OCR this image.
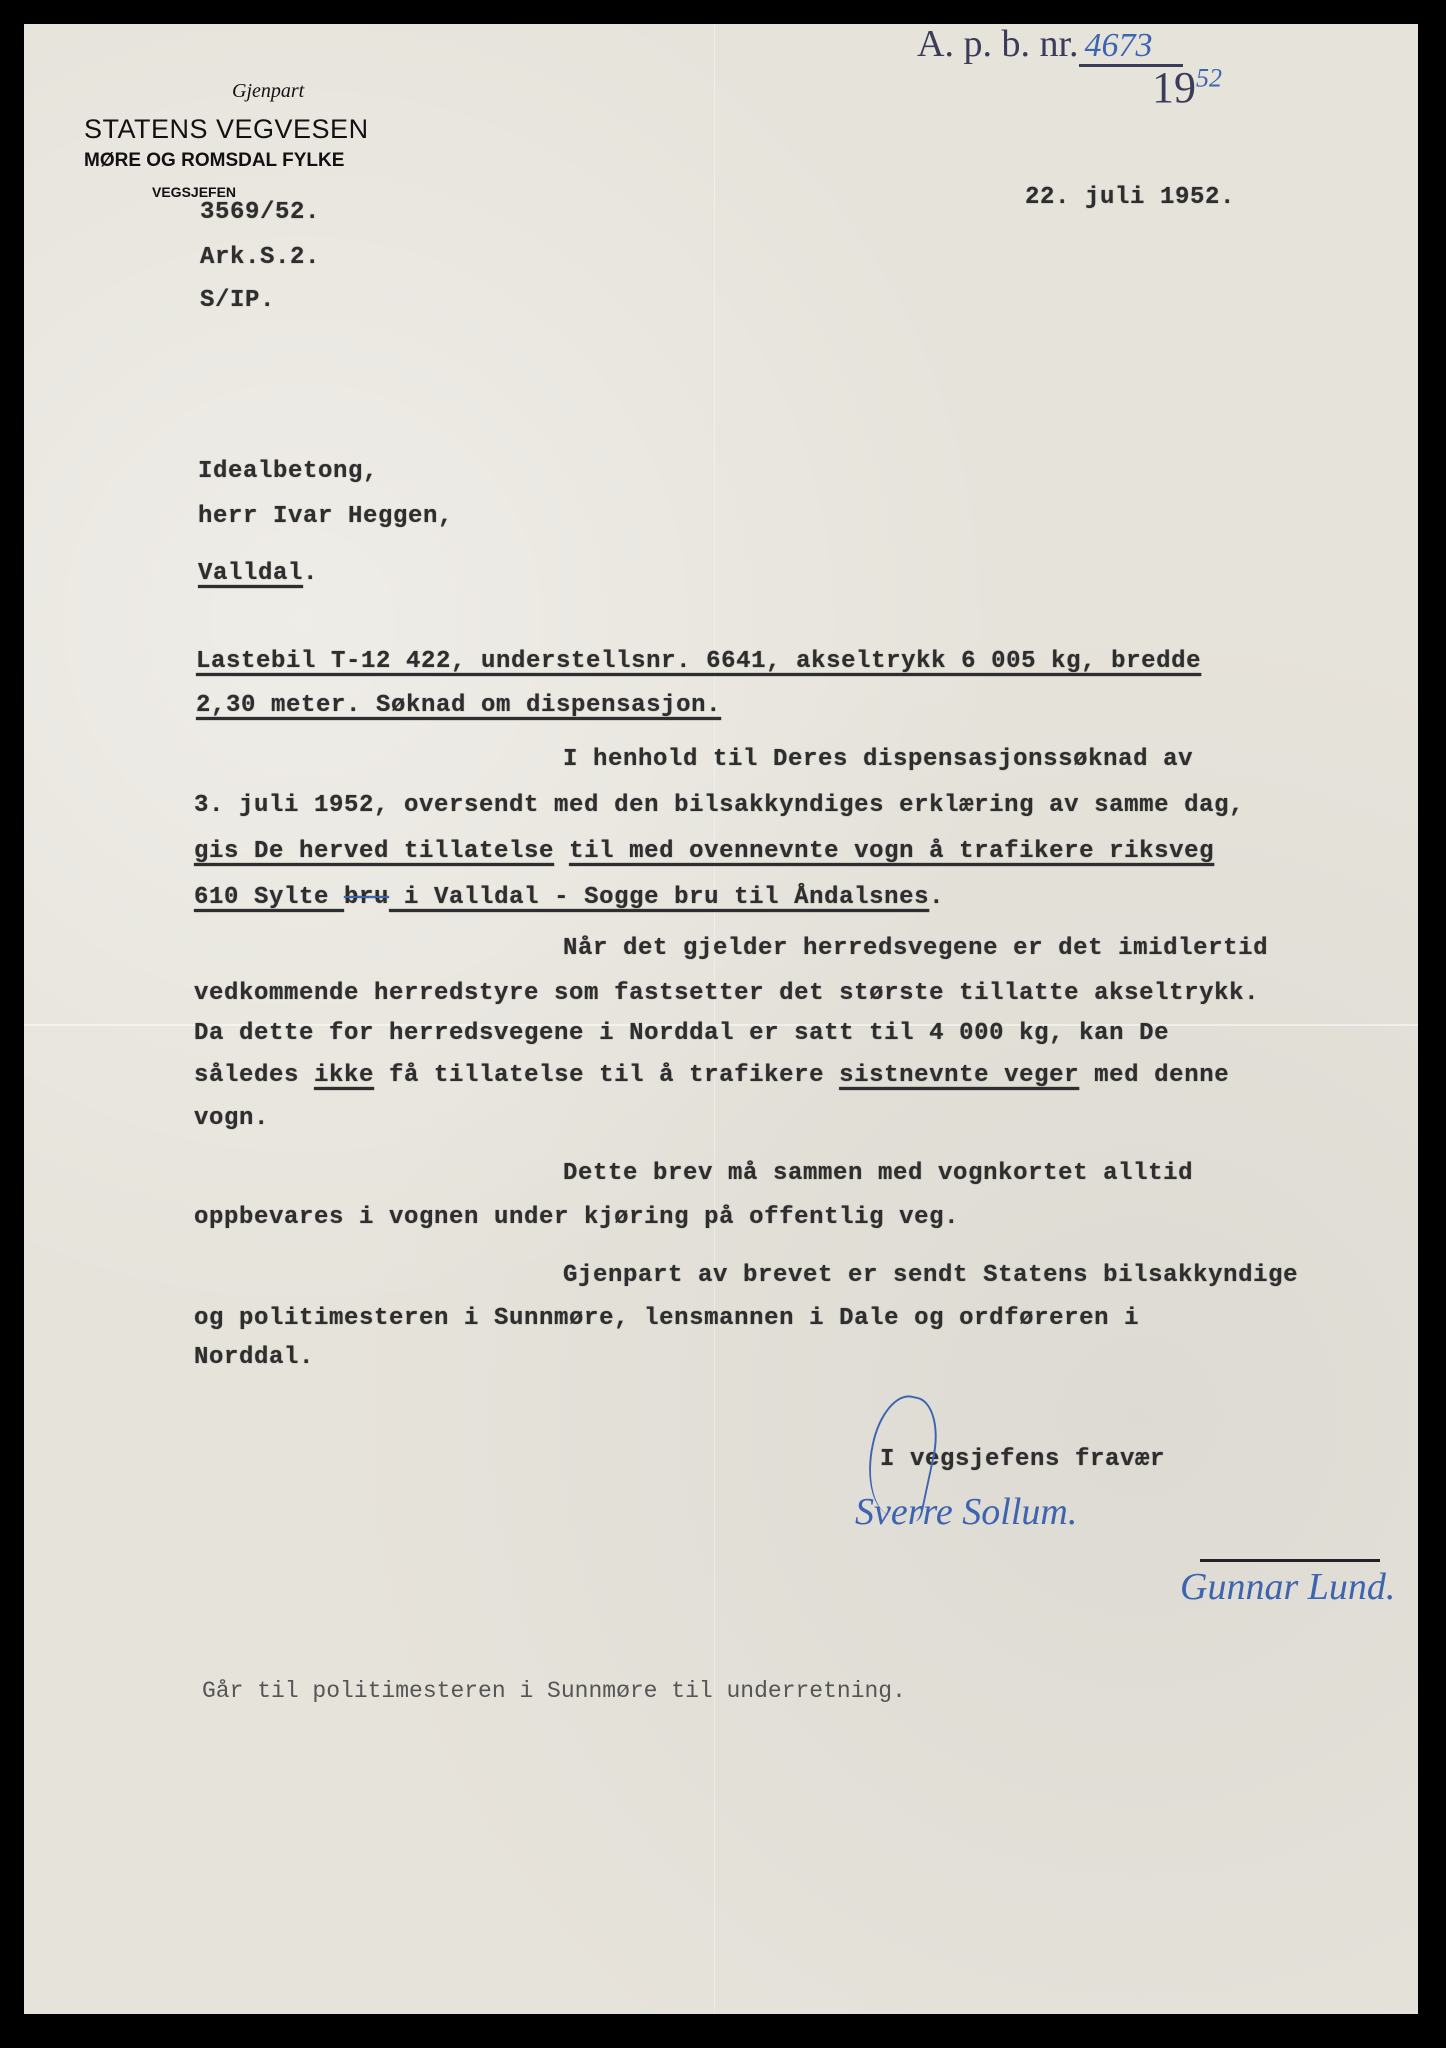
A. p. b. nr. 4673
$19^{52}$
Gjenpart
STATENS VEGVESEN
MØRE OG ROMSDAL FYLKE
VEGSJEFEN
3569/52.
Ark.S.2.
S/IP.
22. juli 1952.
Idealbetong,
herr Ivar Heggen,
Valldal.
Lastebil T-12 422, understellsnr. 6641, akseltrykk 6 005 kg, bredde
2,30 meter. Søknad om dispensasjon.
I henhold til Deres dispensasjonssøknad av
3. juli 1952, oversendt med den bilsakkyndiges erklæring av samme dag,
gis De herved tillatelse til med ovennevnte vogn å trafikere riksveg
610 Sylte bru i Valldal - Sogge bru til Åndalsnes.
Når det gjelder herredsvegene er det imidlertid
vedkommende herredstyre som fastsetter det største tillatte akseltrykk.
Da dette for herredsvegene i Norddal er satt til 4 000 kg, kan De
således ikke få tillatelse til å trafikere sistnevnte veger med denne
vogn.
Dette brev må sammen med vognkortet alltid
oppbevares i vognen under kjøring på offentlig veg.
Gjenpart av brevet er sendt Statens bilsakkyndige
og politimesteren i Sunnmøre, lensmannen i Dale og ordføreren i
Norddal.
I vegsjefens fravær
Sverre Sollum.
Gunnar Lund.
Går til politimesteren i Sunnmøre til underretning.
